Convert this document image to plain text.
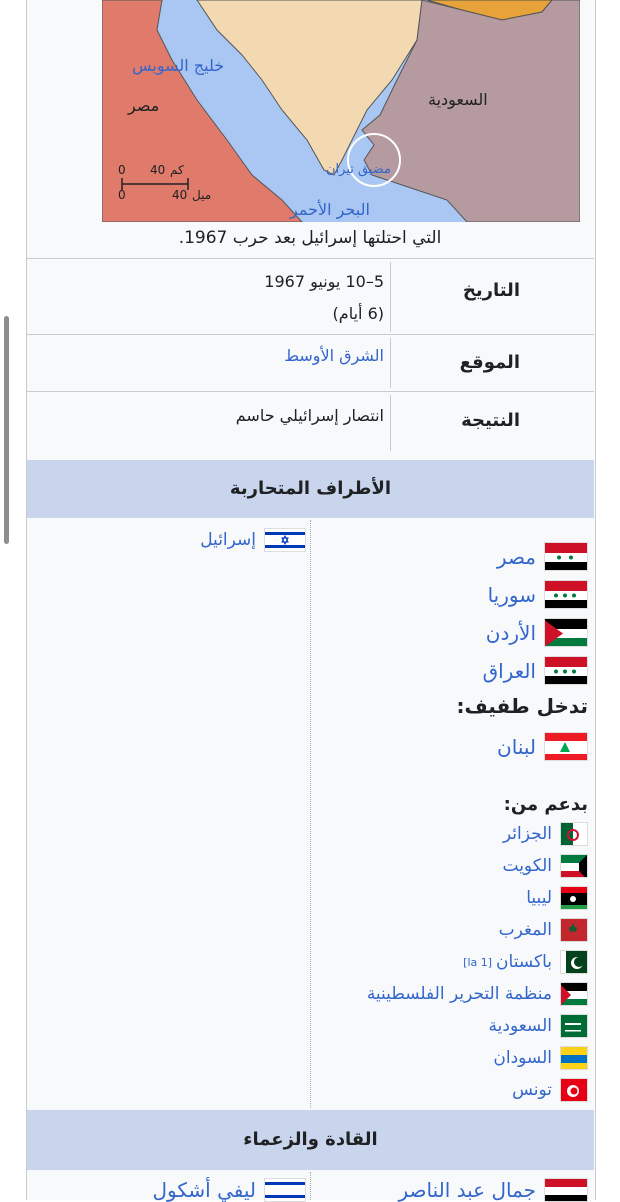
خليج السويس
مصر	السعودية
مضيق تيران
البحر الأحمر
كم
40
0
ميل
40
0
التي احتلتها إسرائيل بعد حرب 1967.
التاريخ
5–10 يونيو 1967
(6 أيام)
الموقع
الشرق الأوسط
النتيجة
انتصار إسرائيلي حاسم
الأطراف المتحاربة
إسرائيل
مصر
سوريا
الأردن
العراق
تدخل طفيف:
لبنان
بدعم من:
الجزائر
الكويت
ليبيا
المغرب
باكستان
[la 1]
منظمة التحرير الفلسطينية
السعودية
السودان
تونس
القادة والزعماء
جمال عبد الناصر
ليفي أشكول
